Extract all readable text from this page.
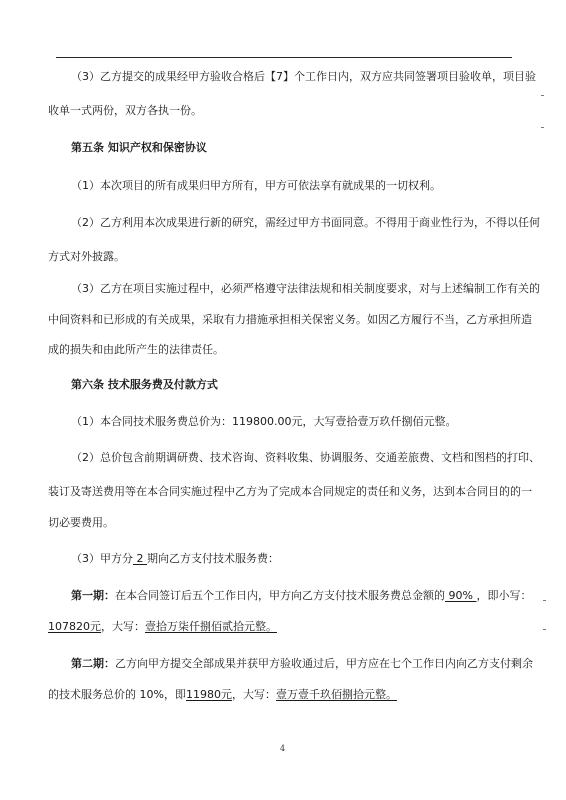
（3）乙方提交的成果经甲方验收合格后【7】个工作日内，双方应共同签署项目验收单，项目验
收单一式两份，双方各执一份。
第五条 知识产权和保密协议
（1）本次项目的所有成果归甲方所有，甲方可依法享有就成果的一切权利。
（2）乙方利用本次成果进行新的研究，需经过甲方书面同意。不得用于商业性行为，不得以任何
方式对外披露。
（3）乙方在项目实施过程中，必须严格遵守法律法规和相关制度要求，对与上述编制工作有关的
中间资料和已形成的有关成果，采取有力措施承担相关保密义务。如因乙方履行不当，乙方承担所造
成的损失和由此所产生的法律责任。
第六条 技术服务费及付款方式
（1）本合同技术服务费总价为：119800.00元，大写壹拾壹万玖仟捌佰元整。
（2）总价包含前期调研费、技术咨询、资料收集、协调服务、交通差旅费、文档和图档的打印、
装订及寄送费用等在本合同实施过程中乙方为了完成本合同规定的责任和义务，达到本合同目的的一
切必要费用。
（3）甲方分 2 期向乙方支付技术服务费：
第一期：在本合同签订后五个工作日内，甲方向乙方支付技术服务费总金额的 90% ，即小写：
107820元，大写：壹拾万柒仟捌佰贰拾元整。
第二期：乙方向甲方提交全部成果并获甲方验收通过后，甲方应在七个工作日内向乙方支付剩余
的技术服务总价的 10%，即11980元，大写：壹万壹千玖佰捌拾元整。
4
